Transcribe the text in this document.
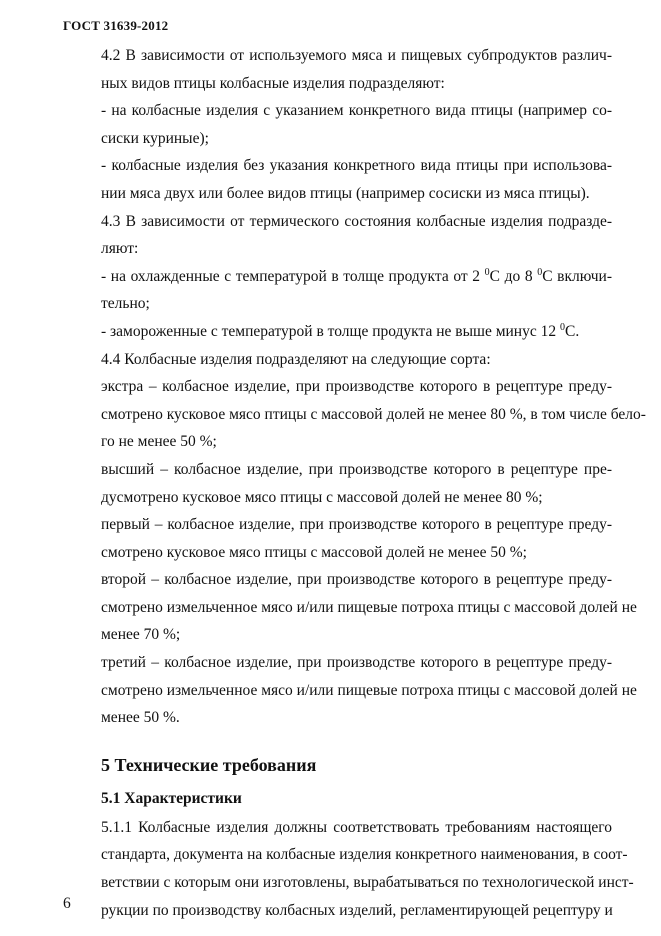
ГОСТ 31639-2012

4.2 В зависимости от используемого мяса и пищевых субпродуктов различ-
ных видов птицы колбасные изделия подразделяют:

- на колбасные изделия с указанием конкретного вида птицы (например со-
сиски куриные);

- колбасные изделия без указания конкретного вида птицы при использова-
нии мяса двух или более видов птицы (например сосиски из мяса птицы).

4.3 В зависимости от термического состояния колбасные изделия подразде-
ляют:

- на охлажденные с температурой в толще продукта от 2 $^0$С до 8 $^0$С включи-
тельно;

- замороженные с температурой в толще продукта не выше минус 12 $^0$С.

4.4 Колбасные изделия подразделяют на следующие сорта:

экстра – колбасное изделие, при производстве которого в рецептуре преду-
смотрено кусковое мясо птицы с массовой долей не менее 80 %, в том числе бело-
го не менее 50 %;

высший – колбасное изделие, при производстве которого в рецептуре пре-
дусмотрено кусковое мясо птицы с массовой долей не менее 80 %;

первый – колбасное изделие, при производстве которого в рецептуре преду-
смотрено кусковое мясо птицы с массовой долей не менее 50 %;

второй – колбасное изделие, при производстве которого в рецептуре преду-
смотрено измельченное мясо и/или пищевые потроха птицы с массовой долей не
менее 70 %;

третий – колбасное изделие, при производстве которого в рецептуре преду-
смотрено измельченное мясо и/или пищевые потроха птицы с массовой долей не
менее 50 %.

5 Технические требования
5.1 Характеристики

5.1.1 Колбасные изделия должны соответствовать требованиям настоящего
стандарта, документа на колбасные изделия конкретного наименования, в соот-
ветствии с которым они изготовлены, вырабатываться по технологической инст-
рукции по производству колбасных изделий, регламентирующей рецептуру и

6
